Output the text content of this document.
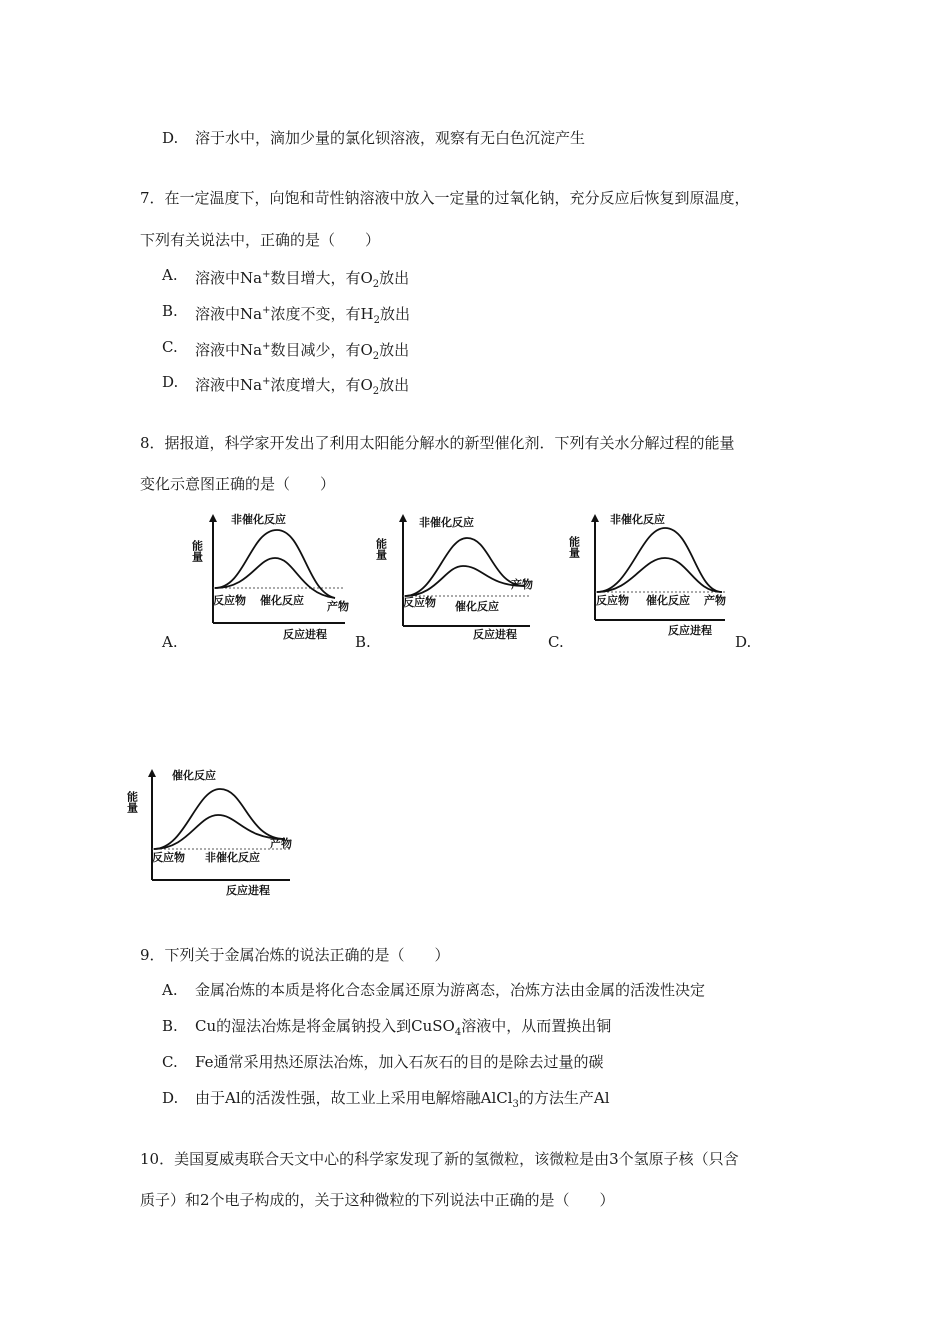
D. 溶于水中，滴加少量的氯化钡溶液，观察有无白色沉淀产生
7．在一定温度下，向饱和苛性钠溶液中放入一定量的过氧化钠，充分反应后恢复到原温度，
下列有关说法中，正确的是（　　）
A. 溶液中Na+数目增大，有$O_2$放出
B. 溶液中Na+浓度不变，有$H_2$放出
C. 溶液中Na+数目减少，有$O_2$放出
D. 溶液中Na+浓度增大，有$O_2$放出
8．据报道，科学家开发出了利用太阳能分解水的新型催化剂．下列有关水分解过程的能量
变化示意图正确的是（　　）
能量
非催化反应
反应物 催化反应 产物
反应进程
A.
能量
非催化反应
反应物 催化反应
产物
反应进程
B.
能量
非催化反应
反应物 催化反应 产物
反应进程
C.	D.
能量
催化反应
反应物 非催化反应
产物
反应进程
9．下列关于金属冶炼的说法正确的是（　　）
A. 金属冶炼的本质是将化合态金属还原为游离态，冶炼方法由金属的活泼性决定
B. Cu的湿法冶炼是将金属钠投入到CuSO$_4$溶液中，从而置换出铜
C. Fe通常采用热还原法冶炼，加入石灰石的目的是除去过量的碳
D. 由于Al的活泼性强，故工业上采用电解熔融AlCl$_3$的方法生产Al
10．美国夏威夷联合天文中心的科学家发现了新的氢微粒，该微粒是由3个氢原子核（只含
质子）和2个电子构成的，关于这种微粒的下列说法中正确的是（　　）
